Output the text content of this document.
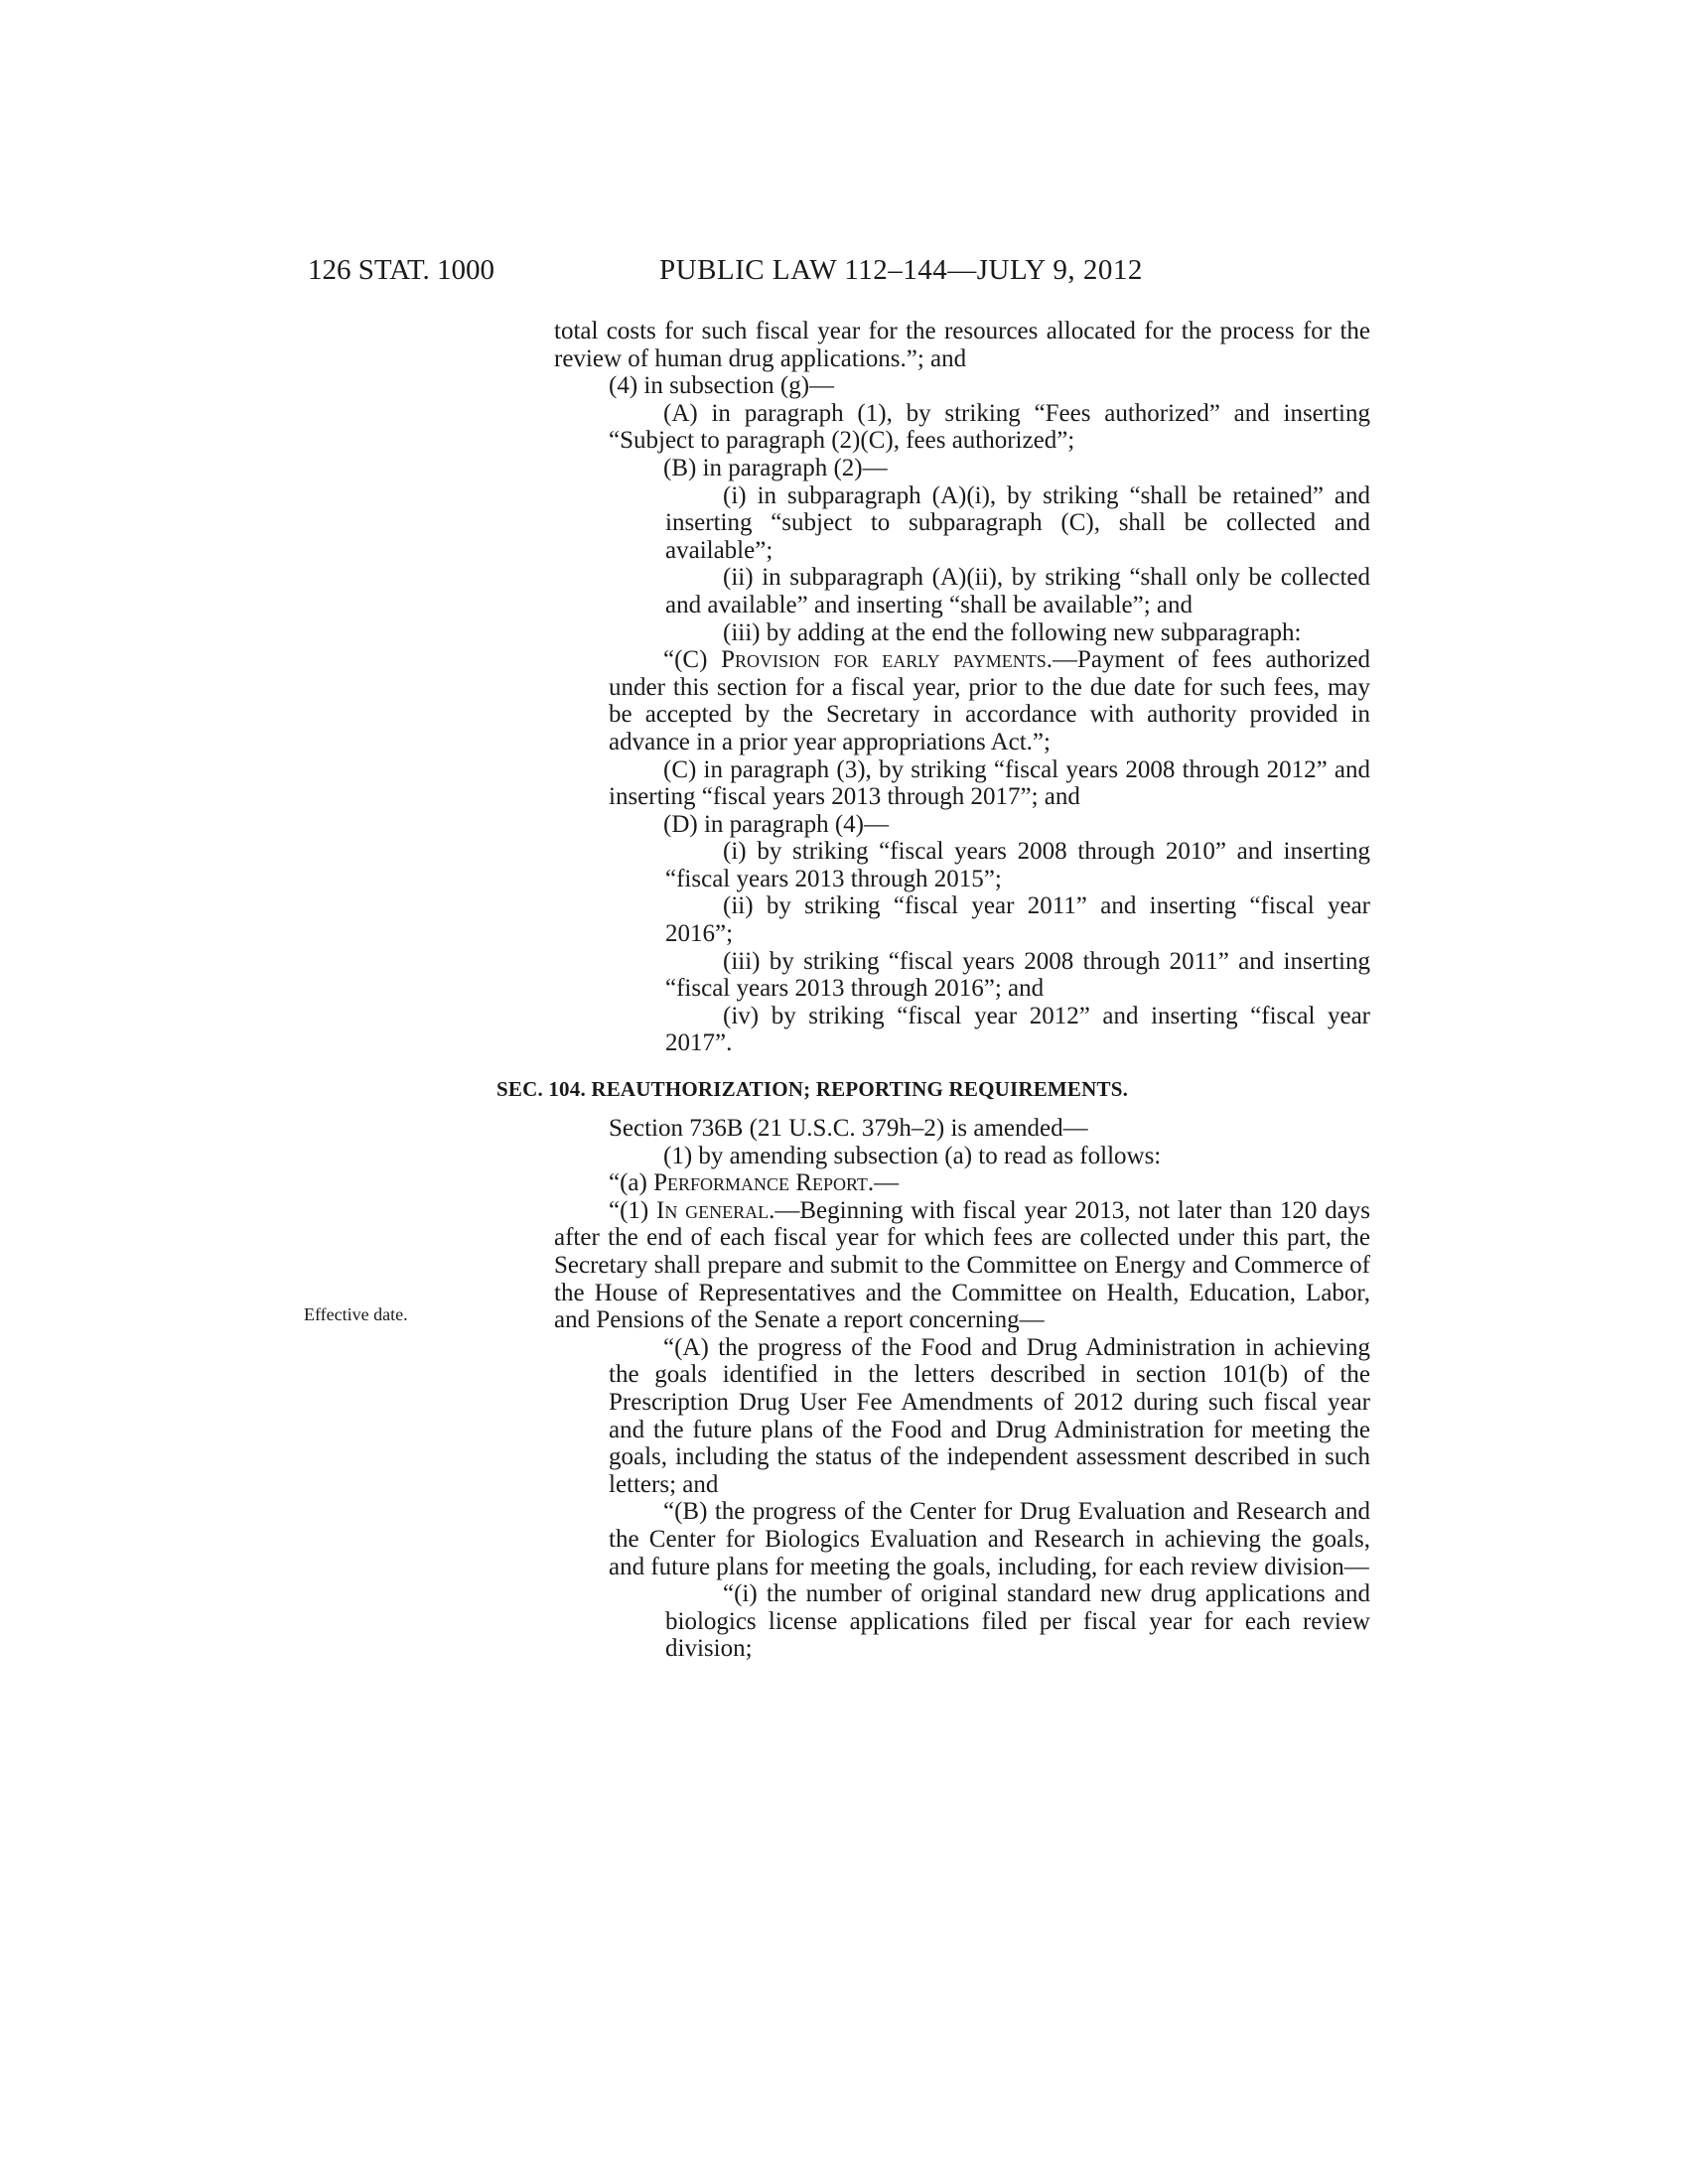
126 STAT. 1000	PUBLIC LAW 112–144—JULY 9, 2012
Effective date.

total costs for such fiscal year for the resources allocated for the process for the review of human drug applications.”; and

(4) in subsection (g)—

(A) in paragraph (1), by striking “Fees authorized” and inserting “Subject to paragraph (2)(C), fees authorized”;

(B) in paragraph (2)—

(i) in subparagraph (A)(i), by striking “shall be retained” and inserting “subject to subparagraph (C), shall be collected and available”;

(ii) in subparagraph (A)(ii), by striking “shall only be collected and available” and inserting “shall be available”; and

(iii) by adding at the end the following new subparagraph:

“(C) Provision for early payments.—Payment of fees authorized under this section for a fiscal year, prior to the due date for such fees, may be accepted by the Secretary in accordance with authority provided in advance in a prior year appropriations Act.”;

(C) in paragraph (3), by striking “fiscal years 2008 through 2012” and inserting “fiscal years 2013 through 2017”; and

(D) in paragraph (4)—

(i) by striking “fiscal years 2008 through 2010” and inserting “fiscal years 2013 through 2015”;

(ii) by striking “fiscal year 2011” and inserting “fiscal year 2016”;

(iii) by striking “fiscal years 2008 through 2011” and inserting “fiscal years 2013 through 2016”; and

(iv) by striking “fiscal year 2012” and inserting “fiscal year 2017”.

SEC. 104. REAUTHORIZATION; REPORTING REQUIREMENTS.

Section 736B (21 U.S.C. 379h–2) is amended—

(1) by amending subsection (a) to read as follows:

“(a) Performance Report.—

“(1) In general.—Beginning with fiscal year 2013, not later than 120 days after the end of each fiscal year for which fees are collected under this part, the Secretary shall prepare and submit to the Committee on Energy and Commerce of the House of Representatives and the Committee on Health, Education, Labor, and Pensions of the Senate a report concerning—

“(A) the progress of the Food and Drug Administration in achieving the goals identified in the letters described in section 101(b) of the Prescription Drug User Fee Amendments of 2012 during such fiscal year and the future plans of the Food and Drug Administration for meeting the goals, including the status of the independent assessment described in such letters; and

“(B) the progress of the Center for Drug Evaluation and Research and the Center for Biologics Evaluation and Research in achieving the goals, and future plans for meeting the goals, including, for each review division—

“(i) the number of original standard new drug applications and biologics license applications filed per fiscal year for each review division;
